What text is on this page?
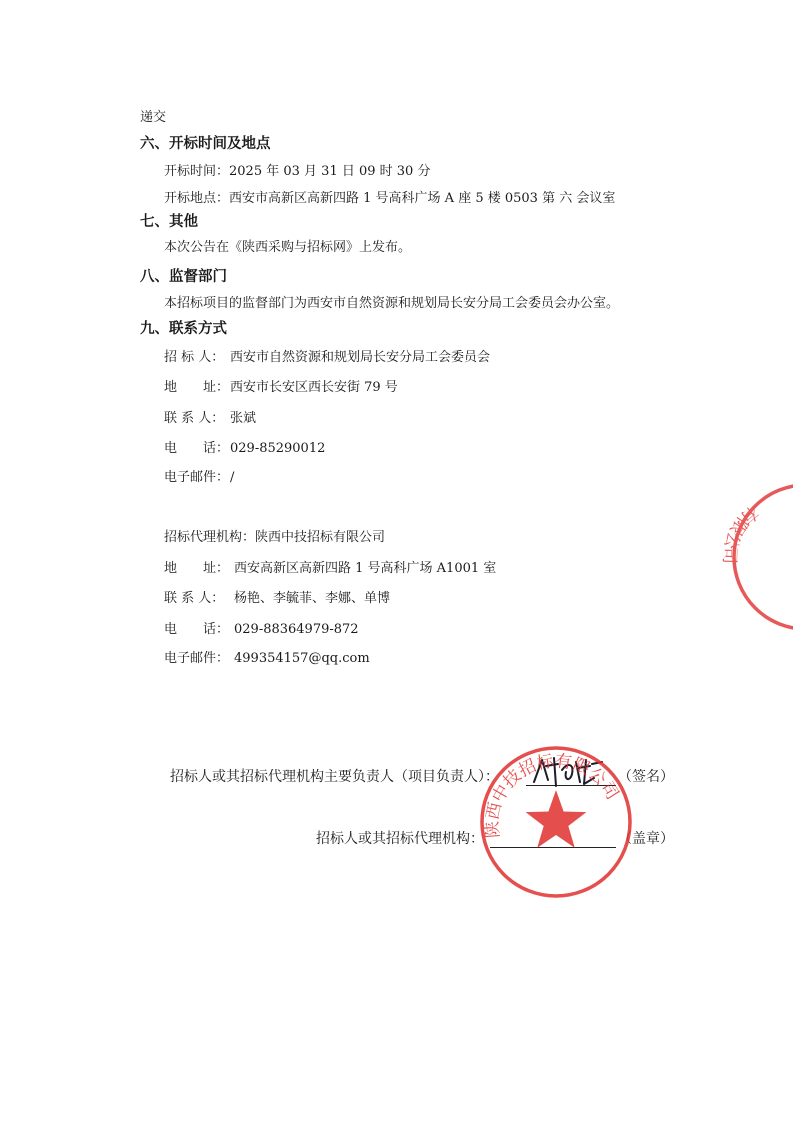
递交
六、开标时间及地点
开标时间：2025 年 03 月 31 日 09 时 30 分
开标地点：西安市高新区高新四路 1 号高科广场 A 座 5 楼 0503 第 六 会议室
七、其他
本次公告在《陕西采购与招标网》上发布。
八、监督部门
本招标项目的监督部门为西安市自然资源和规划局长安分局工会委员会办公室。
九、联系方式
招 标 人： 西安市自然资源和规划局长安分局工会委员会
地　　址：西安市长安区西长安街 79 号
联 系 人： 张斌
电　　话：029-85290012
电子邮件：/
招标代理机构：陕西中技招标有限公司
地　　址： 西安高新区高新四路 1 号高科广场 A1001 室
联 系 人： 杨艳、李毓菲、李娜、单博
电　　话： 029-88364979-872
电子邮件： 499354157@qq.com
招标人或其招标代理机构主要负责人（项目负责人）：	（签名）
招标人或其招标代理机构：	（盖章）
陕西中技招标有限公司
有限公司
